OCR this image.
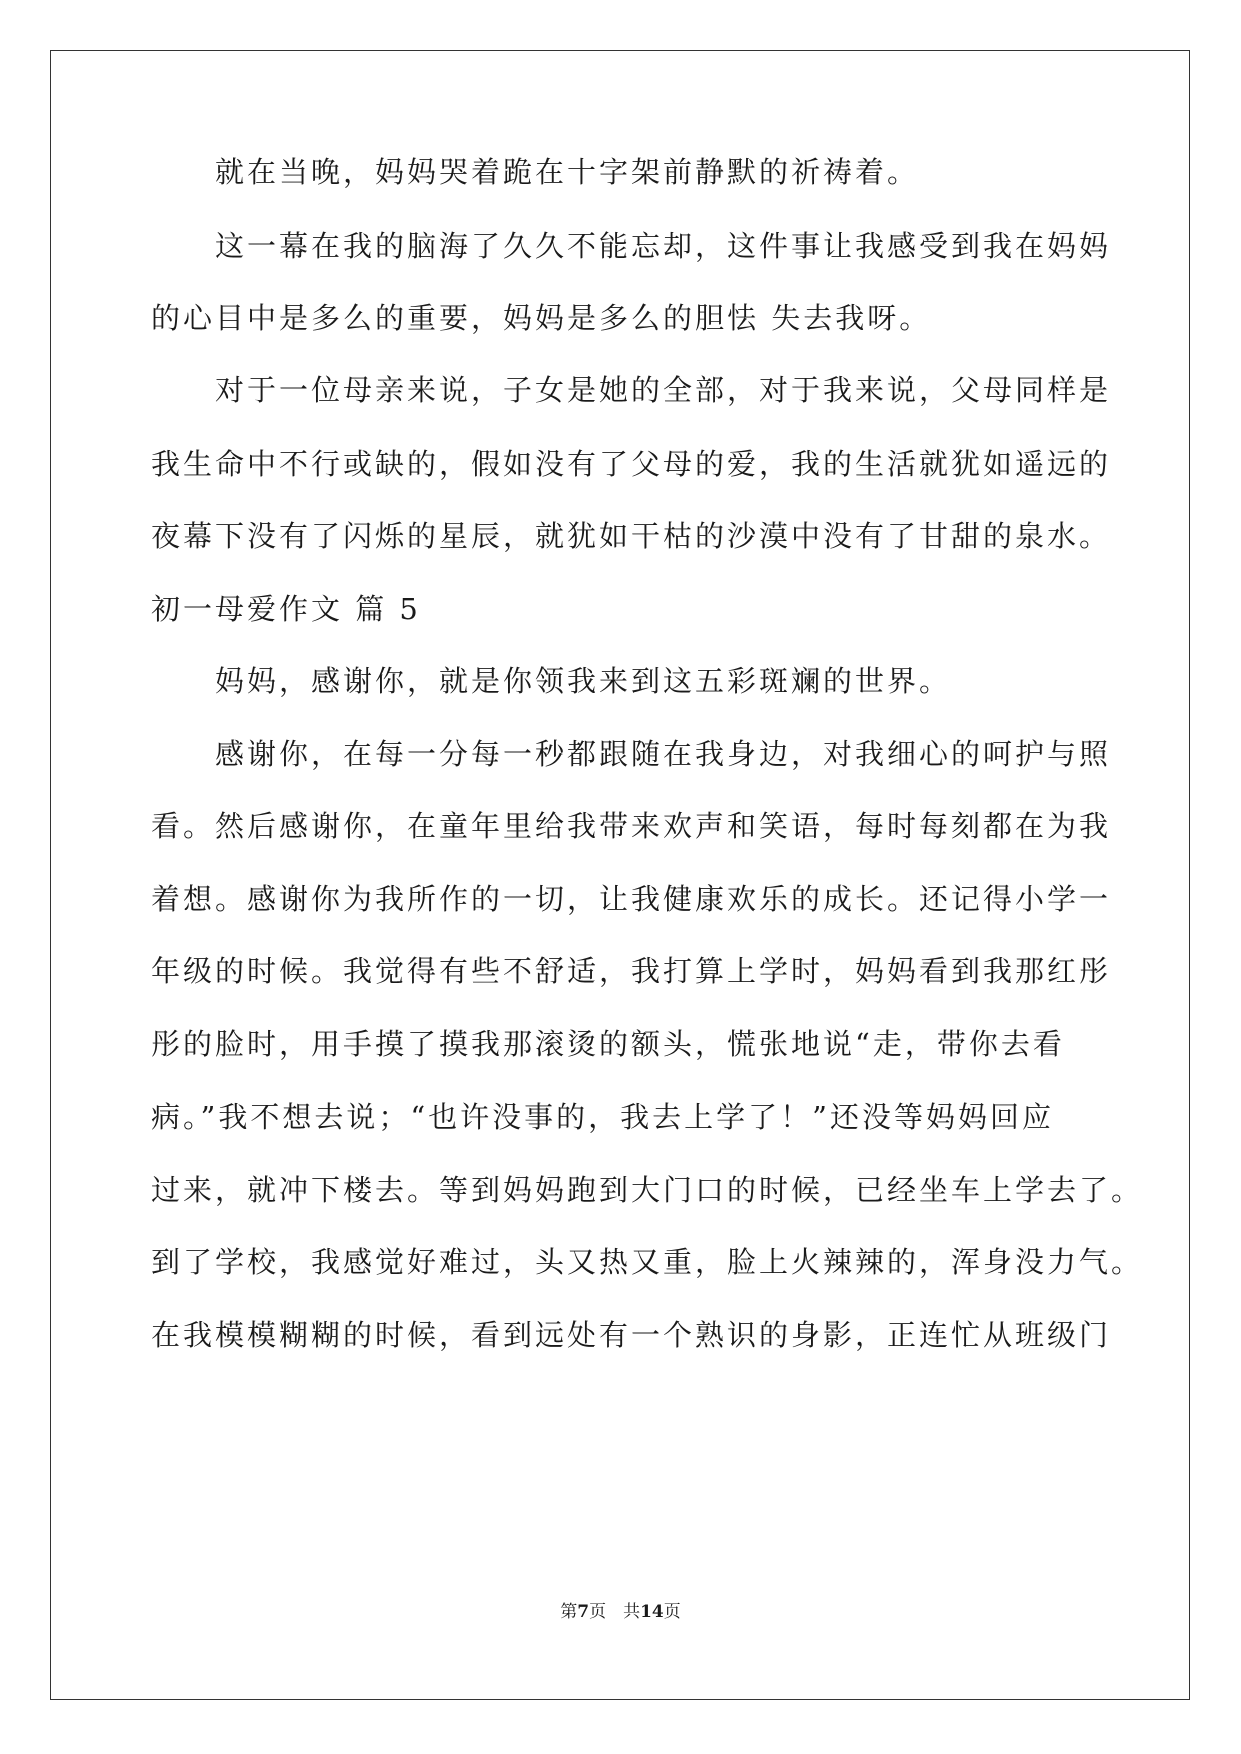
就在当晚，妈妈哭着跪在十字架前静默的祈祷着。
这一幕在我的脑海了久久不能忘却，这件事让我感受到我在妈妈
的心目中是多么的重要，妈妈是多么的胆怯 失去我呀。
对于一位母亲来说，子女是她的全部，对于我来说，父母同样是
我生命中不行或缺的，假如没有了父母的爱，我的生活就犹如遥远的
夜幕下没有了闪烁的星辰，就犹如干枯的沙漠中没有了甘甜的泉水。
初一母爱作文 篇 5
妈妈，感谢你，就是你领我来到这五彩斑斓的世界。
感谢你，在每一分每一秒都跟随在我身边，对我细心的呵护与照
看。然后感谢你，在童年里给我带来欢声和笑语，每时每刻都在为我
着想。感谢你为我所作的一切，让我健康欢乐的成长。还记得小学一
年级的时候。我觉得有些不舒适，我打算上学时，妈妈看到我那红彤
彤的脸时，用手摸了摸我那滚烫的额头，慌张地说“走，带你去看
病。”我不想去说；“也许没事的，我去上学了！”还没等妈妈回应
过来，就冲下楼去。等到妈妈跑到大门口的时候，已经坐车上学去了。
到了学校，我感觉好难过，头又热又重，脸上火辣辣的，浑身没力气。
在我模模糊糊的时候，看到远处有一个熟识的身影，正连忙从班级门
第7页　共14页
